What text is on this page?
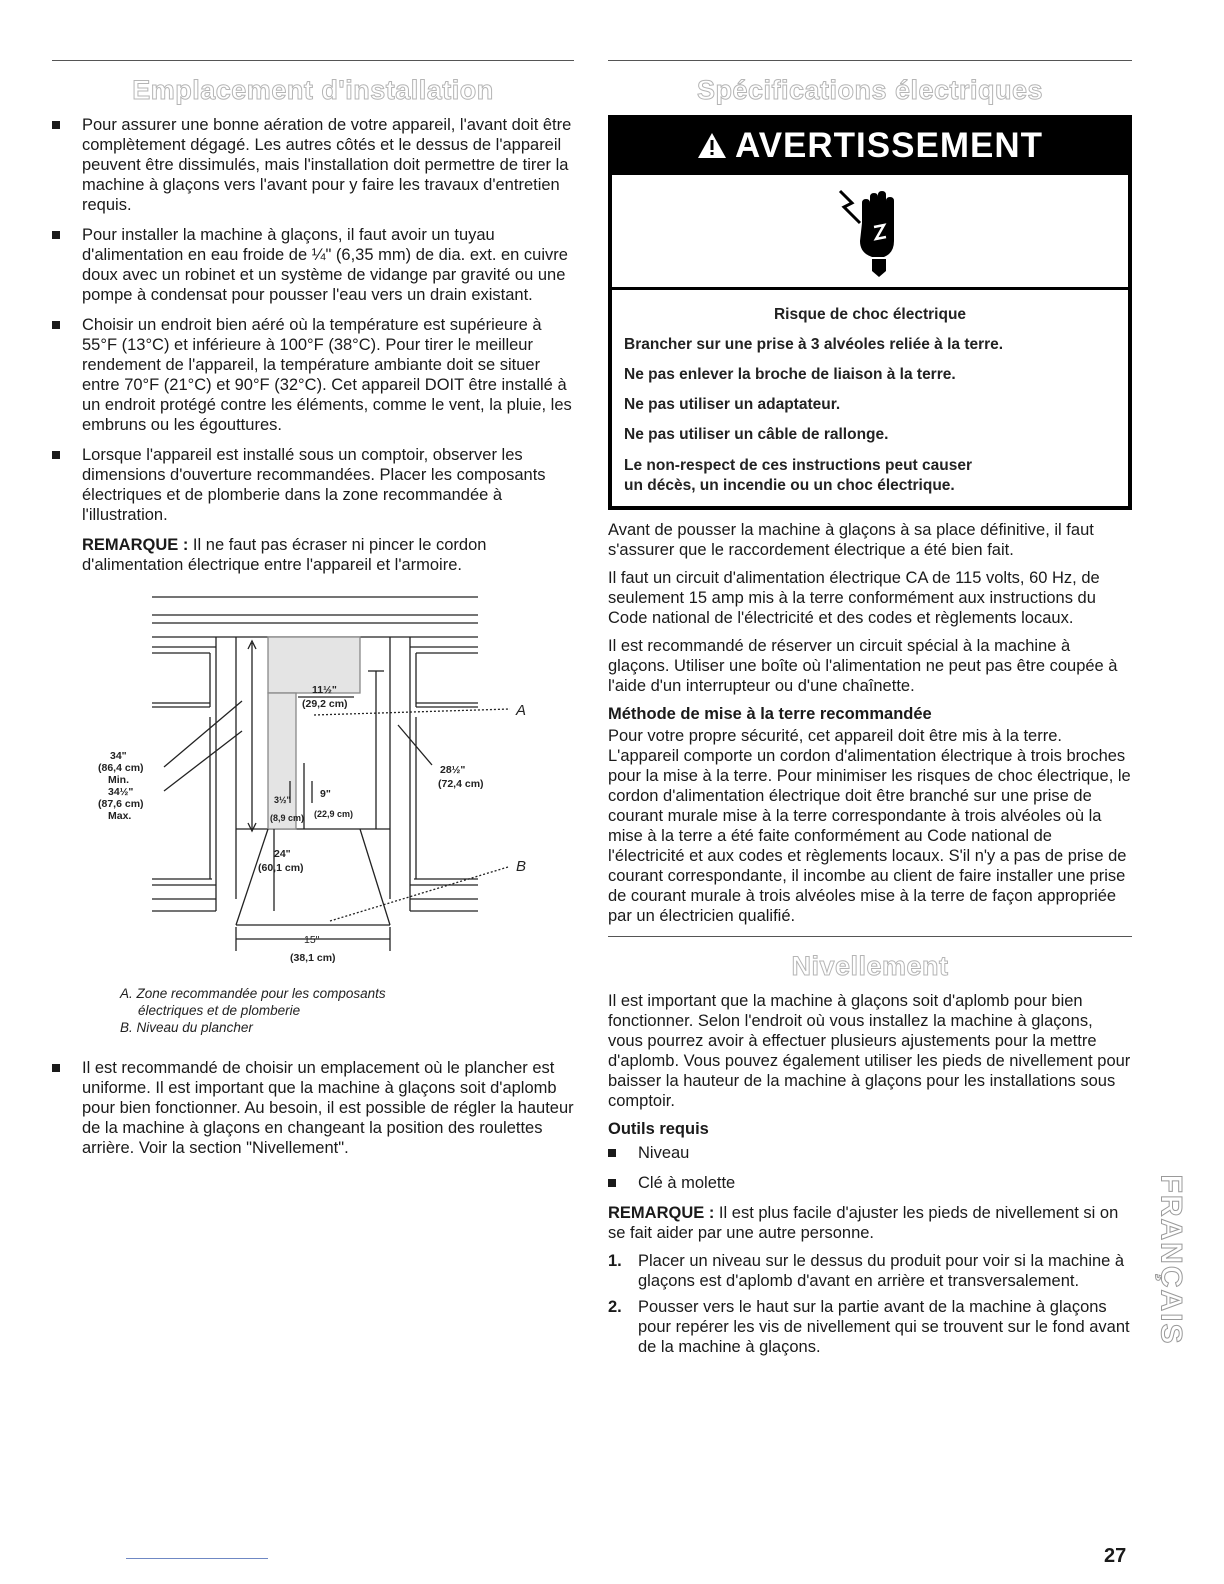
Emplacement d'installation
Pour assurer une bonne aération de votre appareil, l'avant doit être complètement dégagé. Les autres côtés et le dessus de l'appareil peuvent être dissimulés, mais l'installation doit permettre de tirer la machine à glaçons vers l'avant pour y faire les travaux d'entretien requis.
Pour installer la machine à glaçons, il faut avoir un tuyau d'alimentation en eau froide de ¼" (6,35 mm) de dia. ext. en cuivre doux avec un robinet et un système de vidange par gravité ou une pompe à condensat pour pousser l'eau vers un drain existant.
Choisir un endroit bien aéré où la température est supérieure à 55°F (13°C) et inférieure à 100°F (38°C). Pour tirer le meilleur rendement de l'appareil, la température ambiante doit se situer entre 70°F (21°C) et 90°F (32°C). Cet appareil DOIT être installé à un endroit protégé contre les éléments, comme le vent, la pluie, les embruns ou les égouttures.
Lorsque l'appareil est installé sous un comptoir, observer les dimensions d'ouverture recommandées. Placer les composants électriques et de plomberie dans la zone recommandée à l'illustration.

REMARQUE : Il ne faut pas écraser ni pincer le cordon d'alimentation électrique entre l'appareil et l'armoire.

34"
(86,4 cm)
Min.
34½"
(87,6 cm)
Max.
11½"
(29,2 cm)
28½"
(72,4 cm)
3½"	9"
(8,9 cm) (22,9 cm)
24"
(60,1 cm)
15"
(38,1 cm)
A
B
A. Zone recommandée pour les composants
électriques et de plomberie
B. Niveau du plancher
Il est recommandé de choisir un emplacement où le plancher est uniforme. Il est important que la machine à glaçons soit d'aplomb pour bien fonctionner. Au besoin, il est possible de régler la hauteur de la machine à glaçons en changeant la position des roulettes arrière. Voir la section "Nivellement".
Spécifications électriques
AVERTISSEMENT
Risque de choc électrique
Brancher sur une prise à 3 alvéoles reliée à la terre.
Ne pas enlever la broche de liaison à la terre.
Ne pas utiliser un adaptateur.
Ne pas utiliser un câble de rallonge.
Le non-respect de ces instructions peut causer
un décès, un incendie ou un choc électrique.

Avant de pousser la machine à glaçons à sa place définitive, il faut s'assurer que le raccordement électrique a été bien fait.

Il faut un circuit d'alimentation électrique CA de 115 volts, 60 Hz, de seulement 15 amp mis à la terre conformément aux instructions du Code national de l'électricité et des codes et règlements locaux.

Il est recommandé de réserver un circuit spécial à la machine à glaçons. Utiliser une boîte où l'alimentation ne peut pas être coupée à l'aide d'un interrupteur ou d'une chaînette.

Méthode de mise à la terre recommandée

Pour votre propre sécurité, cet appareil doit être mis à la terre. L'appareil comporte un cordon d'alimentation électrique à trois broches pour la mise à la terre. Pour minimiser les risques de choc électrique, le cordon d'alimentation électrique doit être branché sur une prise de courant murale mise à la terre correspondante à trois alvéoles où la mise à la terre a été faite conformément au Code national de l'électricité et aux codes et règlements locaux. S'il n'y a pas de prise de courant correspondante, il incombe au client de faire installer une prise de courant murale à trois alvéoles mise à la terre de façon appropriée par un électricien qualifié.

Nivellement

Il est important que la machine à glaçons soit d'aplomb pour bien fonctionner. Selon l'endroit où vous installez la machine à glaçons, vous pourrez avoir à effectuer plusieurs ajustements pour la mettre d'aplomb. Vous pouvez également utiliser les pieds de nivellement pour baisser la hauteur de la machine à glaçons pour les installations sous comptoir.

Outils requis
Niveau
Clé à molette

REMARQUE : Il est plus facile d'ajuster les pieds de nivellement si on se fait aider par une autre personne.

1. Placer un niveau sur le dessus du produit pour voir si la machine à glaçons est d'aplomb d'avant en arrière et transversalement.
2. Pousser vers le haut sur la partie avant de la machine à glaçons pour repérer les vis de nivellement qui se trouvent sur le fond avant de la machine à glaçons.
FRANÇAIS
27
